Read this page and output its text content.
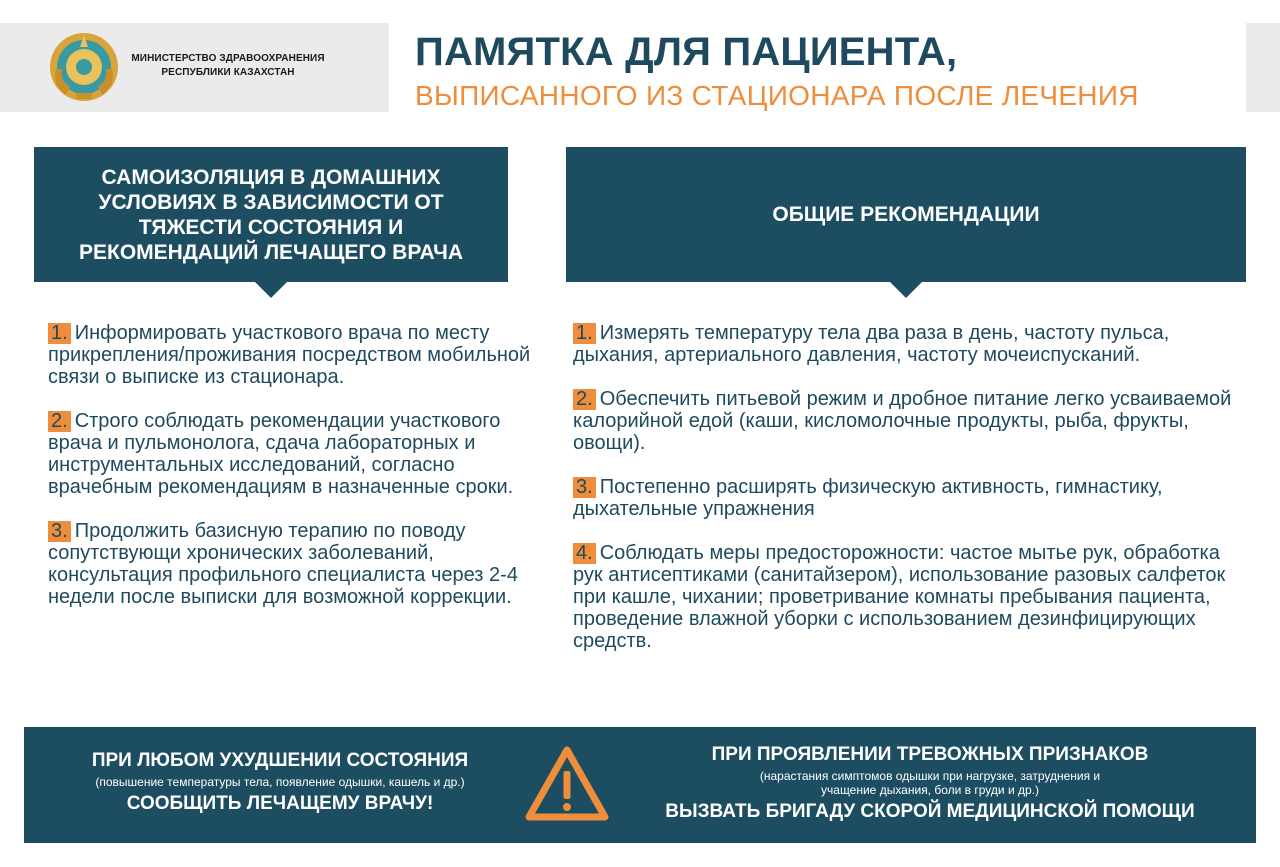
МИНИСТЕРСТВО ЗДРАВООХРАНЕНИЯ
РЕСПУБЛИКИ КАЗАХСТАН	ПАМЯТКА ДЛЯ ПАЦИЕНТА,
ВЫПИСАННОГО ИЗ СТАЦИОНАРА ПОСЛЕ ЛЕЧЕНИЯ
САМОИЗОЛЯЦИЯ В ДОМАШНИХ УСЛОВИЯХ В ЗАВИСИМОСТИ ОТ ТЯЖЕСТИ СОСТОЯНИЯ И РЕКОМЕНДАЦИЙ ЛЕЧАЩЕГО ВРАЧА
ОБЩИЕ РЕКОМЕНДАЦИИ
1. Информировать участкового врача по месту прикрепления/проживания посредством мобильной связи о выписке из стационара.
2. Строго соблюдать рекомендации участкового врача и пульмонолога, сдача лабораторных и инструментальных исследований, согласно врачебным рекомендациям в назначенные сроки.
3. Продолжить базисную терапию по поводу сопутствующи хронических заболеваний, консультация профильного специалиста через 2-4 недели после выписки для возможной коррекции.
1. Измерять температуру тела два раза в день, частоту пульса, дыхания, артериального давления, частоту мочеиспусканий.
2. Обеспечить питьевой режим и дробное питание легко усваиваемой калорийной едой (каши, кисломолочные продукты, рыба, фрукты, овощи).
3. Постепенно расширять физическую активность, гимнастику, дыхательные упражнения
4. Соблюдать меры предосторожности: частое мытье рук, обработка рук антисептиками (санитайзером), использование разовых салфеток при кашле, чихании; проветривание комнаты пребывания пациента, проведение влажной уборки с использованием дезинфицирующих средств.
ПРИ ЛЮБОМ УХУДШЕНИИ СОСТОЯНИЯ
(повышение температуры тела, появление одышки, кашель и др.)
СООБЩИТЬ ЛЕЧАЩЕМУ ВРАЧУ!
ПРИ ПРОЯВЛЕНИИ ТРЕВОЖНЫХ ПРИЗНАКОВ
(нарастания симптомов одышки при нагрузке, затруднения и
учащение дыхания, боли в груди и др.)
ВЫЗВАТЬ БРИГАДУ СКОРОЙ МЕДИЦИНСКОЙ ПОМОЩИ
